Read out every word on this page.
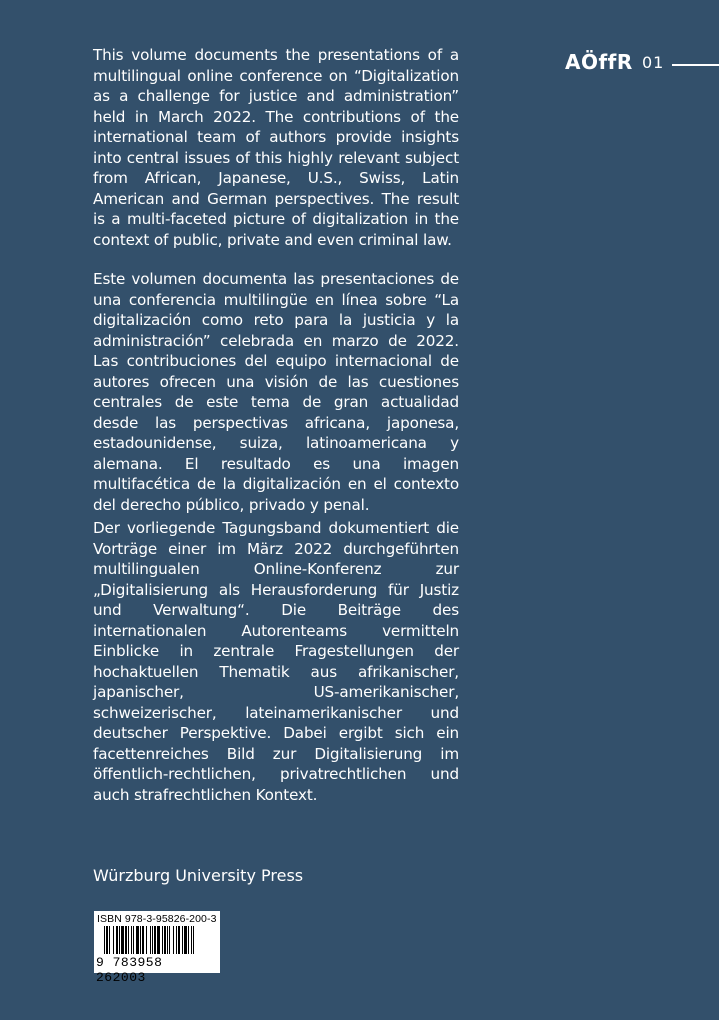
This volume documents the presentations of a multilingual online conference on “Digitalization as a challenge for justice and administration” held in March 2022. The contributions of the international team of authors provide insights into central issues of this highly relevant subject from African, Japanese, U.S., Swiss, Latin American and German perspectives. The result is a multi-faceted picture of digitalization in the context of public, private and even criminal law.

Este volumen documenta las presentaciones de una conferencia multilingüe en línea sobre “La digitalización como reto para la justicia y la administración” celebrada en marzo de 2022. Las contribuciones del equipo internacional de autores ofrecen una visión de las cuestiones centrales de este tema de gran actualidad desde las perspectivas africana, japonesa, estadounidense, suiza, latinoamericana y alemana. El resultado es una imagen multifacética de la digitalización en el contexto del derecho público, privado y penal.

Der vorliegende Tagungsband dokumentiert die Vorträge einer im März 2022 durchgeführten multilingualen Online-Konferenz zur „Digitalisierung als Herausforderung für Justiz und Verwaltung“. Die Beiträge des internationalen Autorenteams vermitteln Einblicke in zentrale Fragestellungen der hochaktuellen Thematik aus afrikanischer, japanischer, US-amerikanischer, schweizerischer, lateinamerikanischer und deutscher Perspektive. Dabei ergibt sich ein facettenreiches Bild zur Digitalisierung im öffentlich-rechtlichen, privatrechtlichen und auch strafrechtlichen Kontext.

AÖffR 01
Würzburg University Press
ISBN 978-3-95826-200-3
9 783958 262003
